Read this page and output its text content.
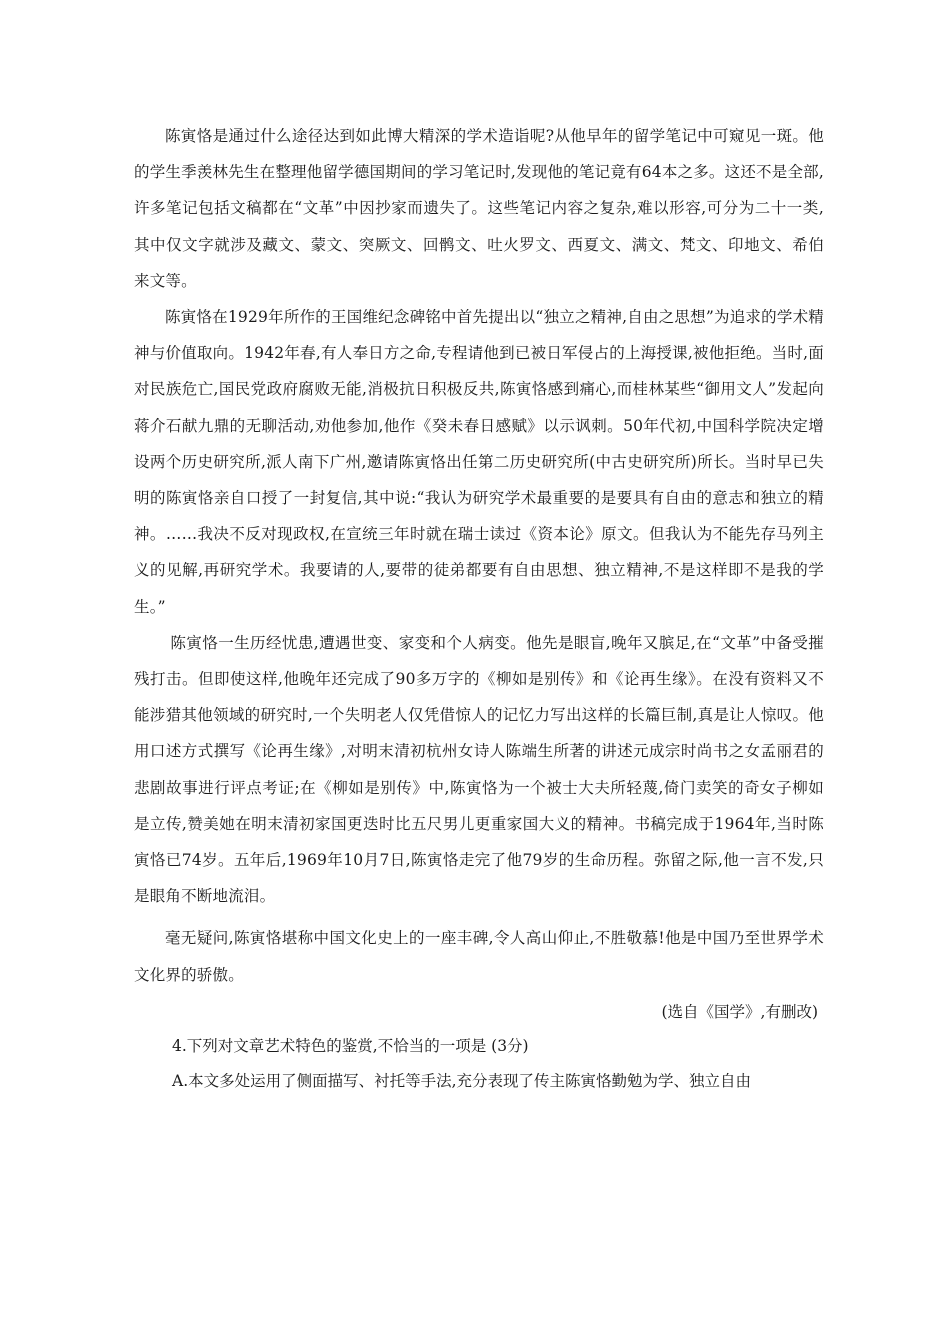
陈寅恪是通过什么途径达到如此博大精深的学术造诣呢?从他早年的留学笔记中可窥见一斑。他的学生季羡林先生在整理他留学德国期间的学习笔记时,发现他的笔记竟有64本之多。这还不是全部,许多笔记包括文稿都在“文革”中因抄家而遗失了。这些笔记内容之复杂,难以形容,可分为二十一类,其中仅文字就涉及藏文、蒙文、突厥文、回鹘文、吐火罗文、西夏文、满文、梵文、印地文、希伯来文等。

陈寅恪在1929年所作的王国维纪念碑铭中首先提出以“独立之精神,自由之思想”为追求的学术精神与价值取向。1942年春,有人奉日方之命,专程请他到已被日军侵占的上海授课,被他拒绝。当时,面对民族危亡,国民党政府腐败无能,消极抗日积极反共,陈寅恪感到痛心,而桂林某些“御用文人”发起向蒋介石献九鼎的无聊活动,劝他参加,他作《癸未春日感赋》以示讽刺。50年代初,中国科学院决定增设两个历史研究所,派人南下广州,邀请陈寅恪出任第二历史研究所(中古史研究所)所长。当时早已失明的陈寅恪亲自口授了一封复信,其中说:“我认为研究学术最重要的是要具有自由的意志和独立的精神。……我决不反对现政权,在宣统三年时就在瑞士读过《资本论》原文。但我认为不能先存马列主义的见解,再研究学术。我要请的人,要带的徒弟都要有自由思想、独立精神,不是这样即不是我的学生。”

陈寅恪一生历经忧患,遭遇世变、家变和个人病变。他先是眼盲,晚年又膑足,在“文革”中备受摧残打击。但即使这样,他晚年还完成了90多万字的《柳如是别传》和《论再生缘》。在没有资料又不能涉猎其他领域的研究时,一个失明老人仅凭借惊人的记忆力写出这样的长篇巨制,真是让人惊叹。他用口述方式撰写《论再生缘》,对明末清初杭州女诗人陈端生所著的讲述元成宗时尚书之女孟丽君的悲剧故事进行评点考证;在《柳如是别传》中,陈寅恪为一个被士大夫所轻蔑,倚门卖笑的奇女子柳如是立传,赞美她在明末清初家国更迭时比五尺男儿更重家国大义的精神。书稿完成于1964年,当时陈寅恪已74岁。五年后,1969年10月7日,陈寅恪走完了他79岁的生命历程。弥留之际,他一言不发,只是眼角不断地流泪。

毫无疑问,陈寅恪堪称中国文化史上的一座丰碑,令人高山仰止,不胜敬慕!他是中国乃至世界学术文化界的骄傲。

(选自《国学》,有删改)

4.下列对文章艺术特色的鉴赏,不恰当的一项是 (3分)

A.本文多处运用了侧面描写、衬托等手法,充分表现了传主陈寅恪勤勉为学、独立自由
